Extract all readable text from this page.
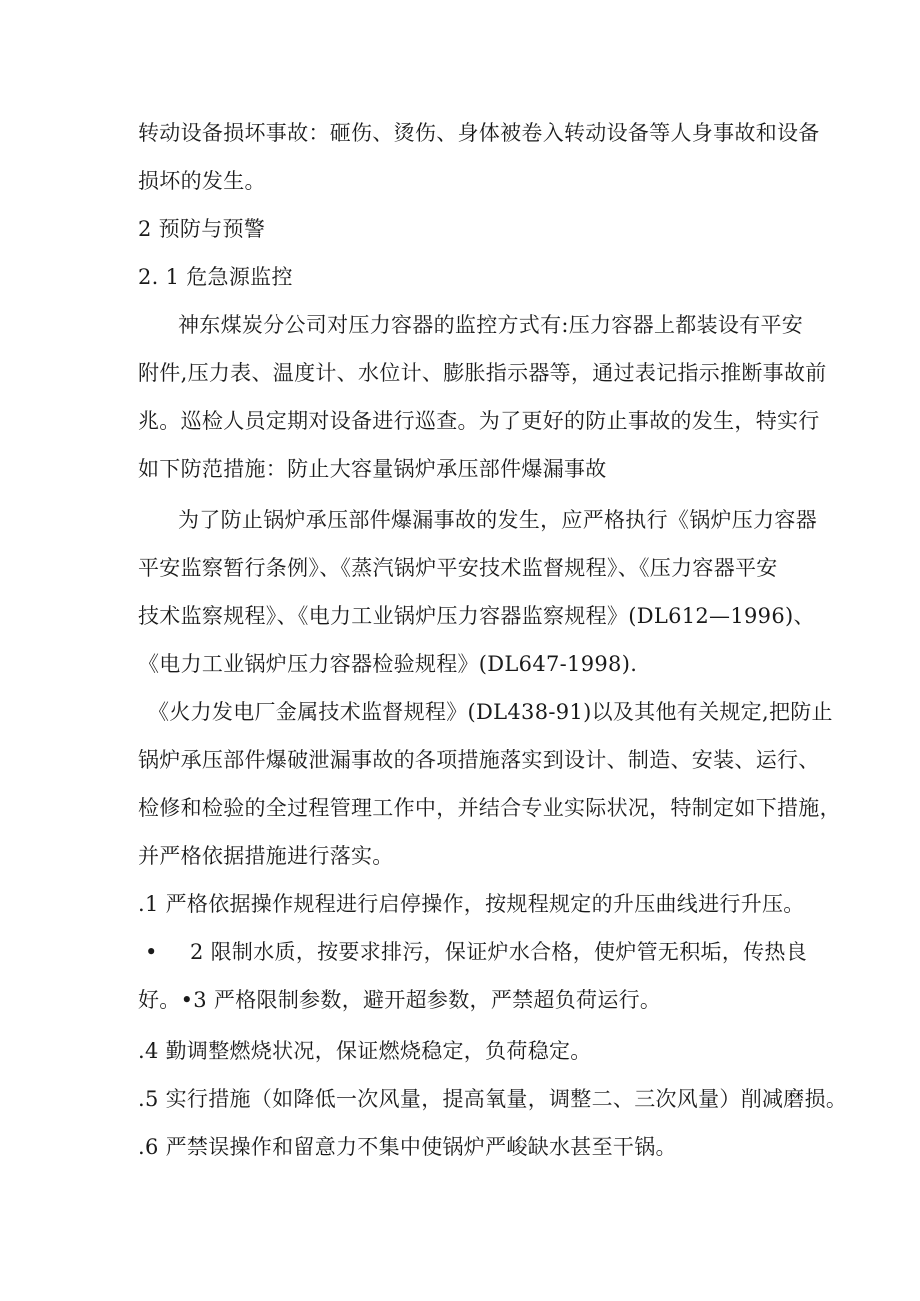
转动设备损坏事故：砸伤、烫伤、身体被卷入转动设备等人身事故和设备
损坏的发生。
2 预防与预警
2. 1 危急源监控
神东煤炭分公司对压力容器的监控方式有:压力容器上都装设有平安
附件,压力表、温度计、水位计、膨胀指示器等，通过表记指示推断事故前
兆。巡检人员定期对设备进行巡查。为了更好的防止事故的发生，特实行
如下防范措施：防止大容量锅炉承压部件爆漏事故
为了防止锅炉承压部件爆漏事故的发生，应严格执行《锅炉压力容器
平安监察暂行条例》、《蒸汽锅炉平安技术监督规程》、《压力容器平安
技术监察规程》、《电力工业锅炉压力容器监察规程》(DL612—1996)、
《电力工业锅炉压力容器检验规程》(DL647-1998).
《火力发电厂金属技术监督规程》(DL438-91)以及其他有关规定,把防止
锅炉承压部件爆破泄漏事故的各项措施落实到设计、制造、安装、运行、
检修和检验的全过程管理工作中，并结合专业实际状况，特制定如下措施，
并严格依据措施进行落实。
.1 严格依据操作规程进行启停操作，按规程规定的升压曲线进行升压。
• 2 限制水质，按要求排污，保证炉水合格，使炉管无积垢，传热良
好。•3 严格限制参数，避开超参数，严禁超负荷运行。
.4 勤调整燃烧状况，保证燃烧稳定，负荷稳定。
.5 实行措施（如降低一次风量，提高氧量，调整二、三次风量）削减磨损。
.6 严禁误操作和留意力不集中使锅炉严峻缺水甚至干锅。
